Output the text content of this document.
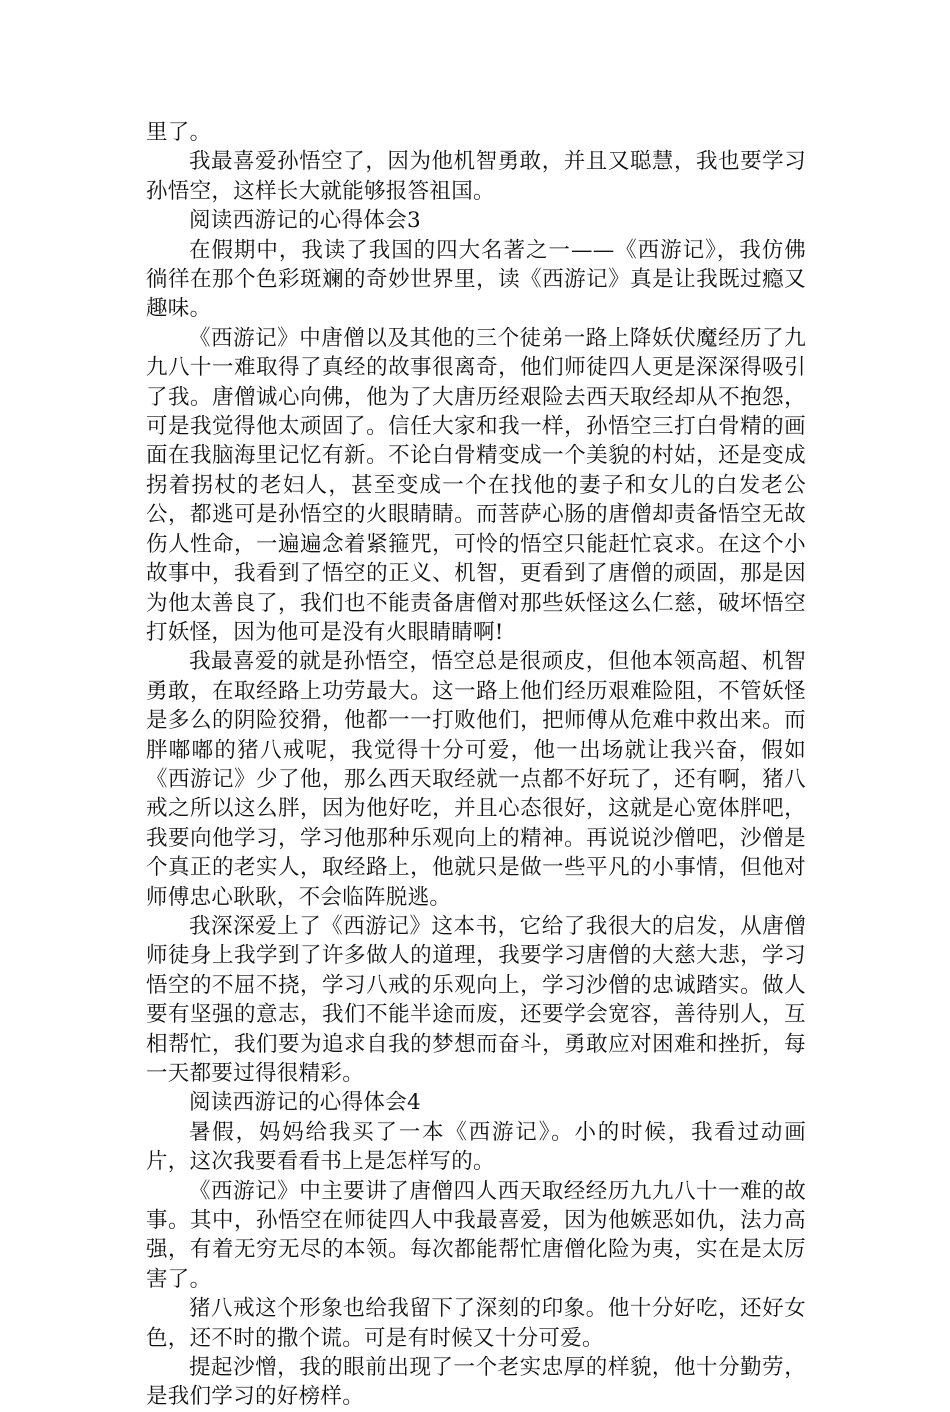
里了。

我最喜爱孙悟空了，因为他机智勇敢，并且又聪慧，我也要学习孙悟空，这样长大就能够报答祖国。

阅读西游记的心得体会3

在假期中，我读了我国的四大名著之一——《西游记》，我仿佛徜徉在那个色彩斑斓的奇妙世界里，读《西游记》真是让我既过瘾又趣味。

《西游记》中唐僧以及其他的三个徒弟一路上降妖伏魔经历了九九八十一难取得了真经的故事很离奇，他们师徒四人更是深深得吸引了我。唐僧诚心向佛，他为了大唐历经艰险去西天取经却从不抱怨，可是我觉得他太顽固了。信任大家和我一样，孙悟空三打白骨精的画面在我脑海里记忆有新。不论白骨精变成一个美貌的村姑，还是变成拐着拐杖的老妇人，甚至变成一个在找他的妻子和女儿的白发老公公，都逃可是孙悟空的火眼睛睛。而菩萨心肠的唐僧却责备悟空无故伤人性命，一遍遍念着紧箍咒，可怜的悟空只能赶忙哀求。在这个小故事中，我看到了悟空的正义、机智，更看到了唐僧的顽固，那是因为他太善良了，我们也不能责备唐僧对那些妖怪这么仁慈，破坏悟空打妖怪，因为他可是没有火眼睛睛啊!

我最喜爱的就是孙悟空，悟空总是很顽皮，但他本领高超、机智勇敢，在取经路上功劳最大。这一路上他们经历艰难险阻，不管妖怪是多么的阴险狡猾，他都一一打败他们，把师傅从危难中救出来。而胖嘟嘟的猪八戒呢，我觉得十分可爱，他一出场就让我兴奋，假如《西游记》少了他，那么西天取经就一点都不好玩了，还有啊，猪八戒之所以这么胖，因为他好吃，并且心态很好，这就是心宽体胖吧，我要向他学习，学习他那种乐观向上的精神。再说说沙僧吧，沙僧是个真正的老实人，取经路上，他就只是做一些平凡的小事情，但他对师傅忠心耿耿，不会临阵脱逃。

我深深爱上了《西游记》这本书，它给了我很大的启发，从唐僧师徒身上我学到了许多做人的道理，我要学习唐僧的大慈大悲，学习悟空的不屈不挠，学习八戒的乐观向上，学习沙僧的忠诚踏实。做人要有坚强的意志，我们不能半途而废，还要学会宽容，善待别人，互相帮忙，我们要为追求自我的梦想而奋斗，勇敢应对困难和挫折，每一天都要过得很精彩。

阅读西游记的心得体会4

暑假，妈妈给我买了一本《西游记》。小的时候，我看过动画片，这次我要看看书上是怎样写的。

《西游记》中主要讲了唐僧四人西天取经经历九九八十一难的故事。其中，孙悟空在师徒四人中我最喜爱，因为他嫉恶如仇，法力高强，有着无穷无尽的本领。每次都能帮忙唐僧化险为夷，实在是太厉害了。

猪八戒这个形象也给我留下了深刻的印象。他十分好吃，还好女色，还不时的撒个谎。可是有时候又十分可爱。

提起沙憎，我的眼前出现了一个老实忠厚的样貌，他十分勤劳，是我们学习的好榜样。
